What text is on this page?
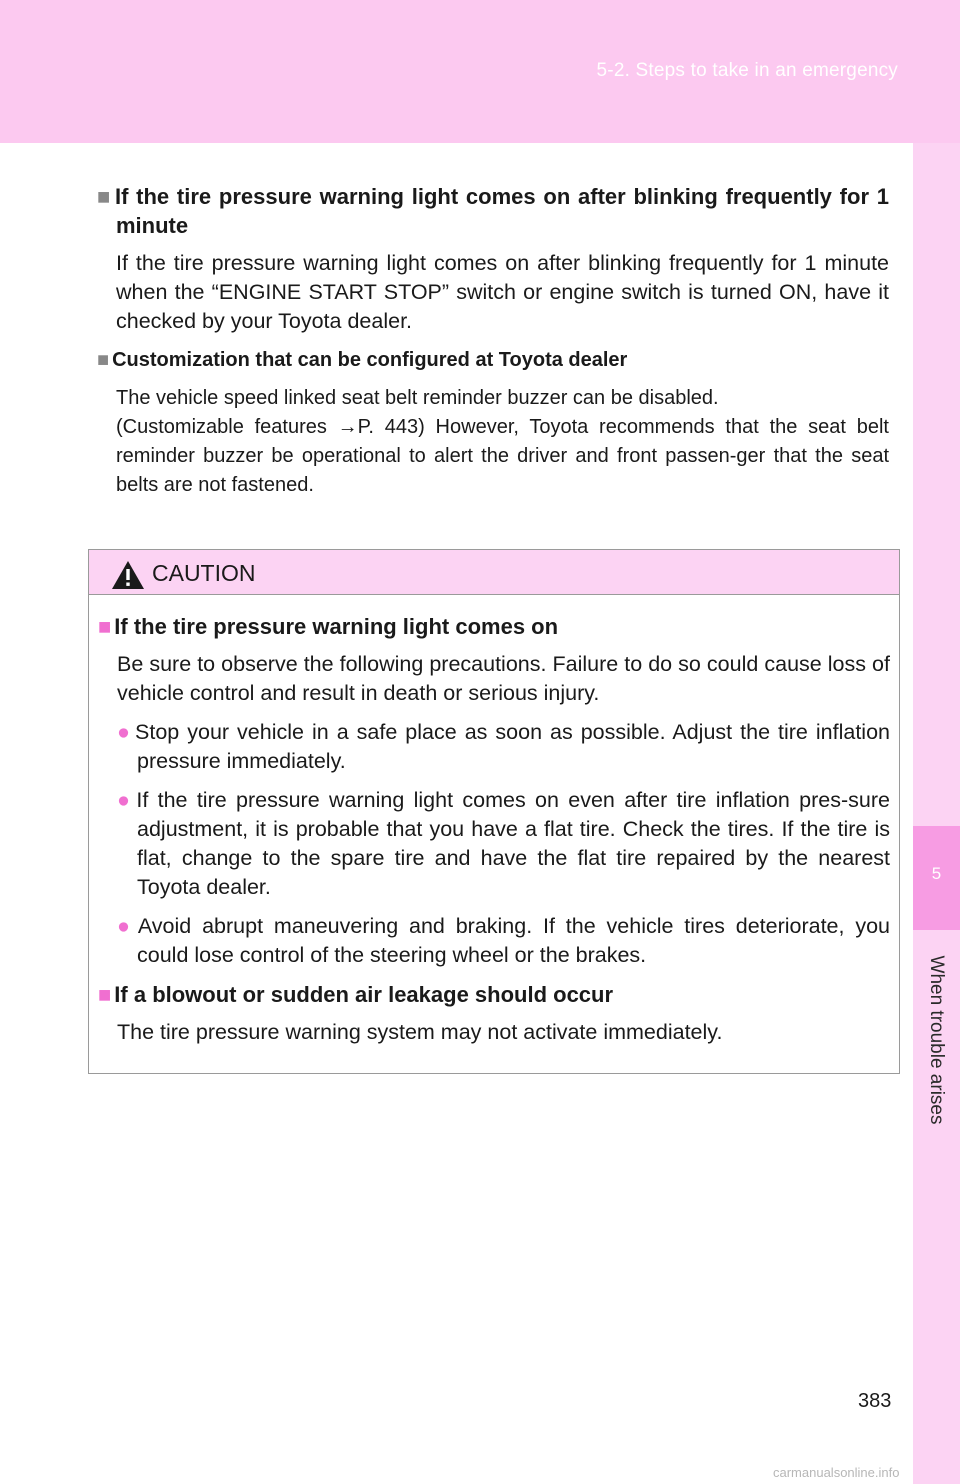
5-2. Steps to take in an emergency
5
When trouble arises
■ If the tire pressure warning light comes on after blinking frequently for 1 minute
If the tire pressure warning light comes on after blinking frequently for 1 minute when the “ENGINE START STOP” switch or engine switch is turned ON, have it checked by your Toyota dealer.
■ Customization that can be configured at Toyota dealer
The vehicle speed linked seat belt reminder buzzer can be disabled.
(Customizable features →P. 443) However, Toyota recommends that the seat belt reminder buzzer be operational to alert the driver and front passen-ger that the seat belts are not fastened.
CAUTION
■ If the tire pressure warning light comes on
Be sure to observe the following precautions. Failure to do so could cause loss of vehicle control and result in death or serious injury.
● Stop your vehicle in a safe place as soon as possible. Adjust the tire inflation pressure immediately.
● If the tire pressure warning light comes on even after tire inflation pres-sure adjustment, it is probable that you have a flat tire. Check the tires. If the tire is flat, change to the spare tire and have the flat tire repaired by the nearest Toyota dealer.
● Avoid abrupt maneuvering and braking. If the vehicle tires deteriorate, you could lose control of the steering wheel or the brakes.
■ If a blowout or sudden air leakage should occur
The tire pressure warning system may not activate immediately.
383
carmanualsonline.info
